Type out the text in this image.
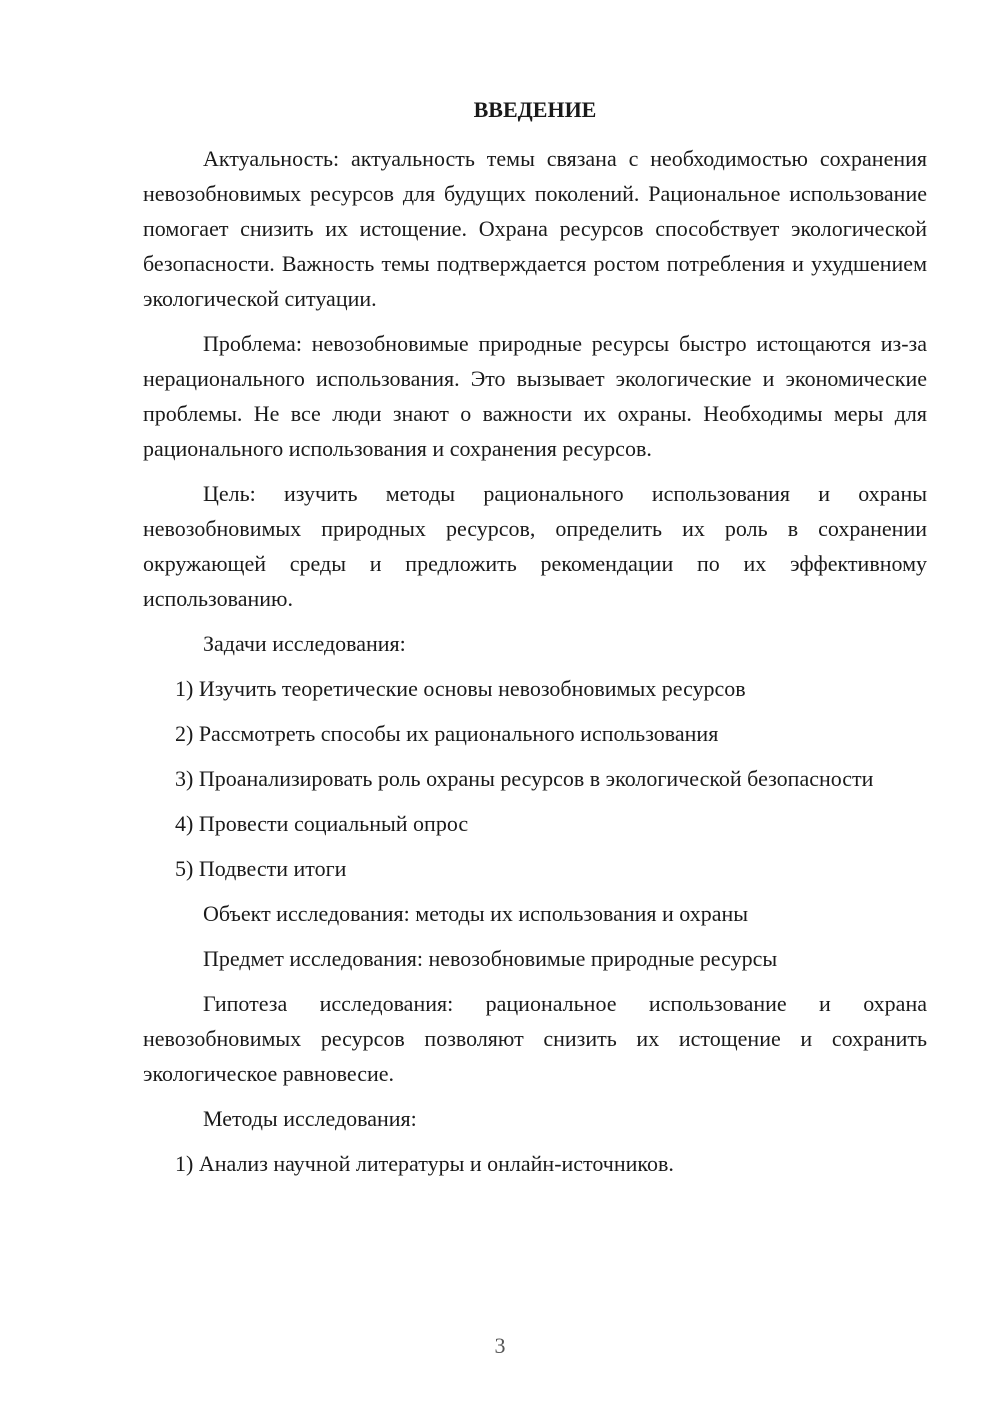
ВВЕДЕНИЕ

Актуальность: актуальность темы связана с необходимостью сохранения невозобновимых ресурсов для будущих поколений. Рациональное использование помогает снизить их истощение. Охрана ресурсов способствует экологической безопасности. Важность темы подтверждается ростом потребления и ухудшением экологической ситуации.

Проблема: невозобновимые природные ресурсы быстро истощаются из-за нерационального использования. Это вызывает экологические и экономические проблемы. Не все люди знают о важности их охраны. Необходимы меры для рационального использования и сохранения ресурсов.

Цель: изучить методы рационального использования и охраны невозобновимых природных ресурсов, определить их роль в сохранении окружающей среды и предложить рекомендации по их эффективному использованию.

Задачи исследования:

1) Изучить теоретические основы невозобновимых ресурсов

2) Рассмотреть способы их рационального использования

3) Проанализировать роль охраны ресурсов в экологической безопасности

4) Провести социальный опрос

5) Подвести итоги

Объект исследования: методы их использования и охраны

Предмет исследования: невозобновимые природные ресурсы

Гипотеза исследования: рациональное использование и охрана невозобновимых ресурсов позволяют снизить их истощение и сохранить экологическое равновесие.

Методы исследования:

1) Анализ научной литературы и онлайн-источников.

3
